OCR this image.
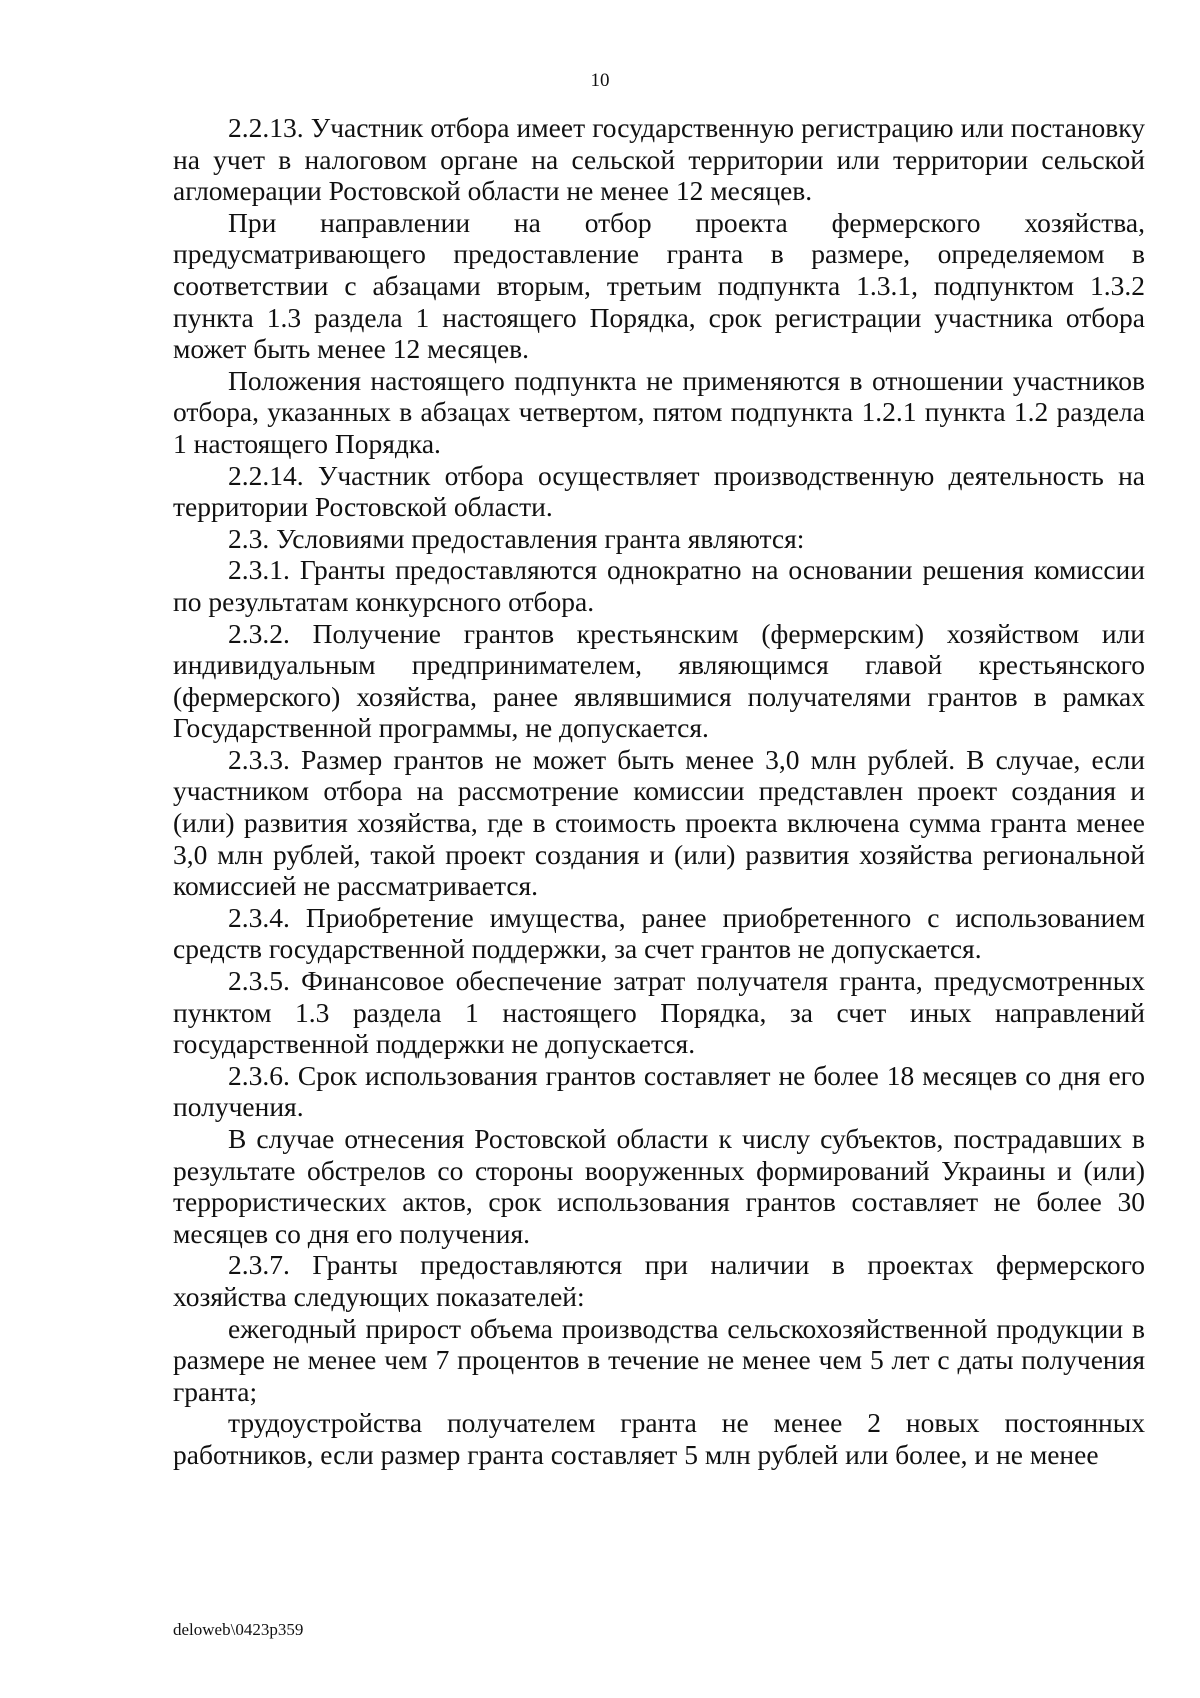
10

2.2.13. Участник отбора имеет государственную регистрацию или постановку на учет в налоговом органе на сельской территории или территории сельской агломерации Ростовской области не менее 12 месяцев.

При направлении на отбор проекта фермерского хозяйства, предусматривающего предоставление гранта в размере, определяемом в соответствии с абзацами вторым, третьим подпункта 1.3.1, подпунктом 1.3.2 пункта 1.3 раздела 1 настоящего Порядка, срок регистрации участника отбора может быть менее 12 месяцев.

Положения настоящего подпункта не применяются в отношении участников отбора, указанных в абзацах четвертом, пятом подпункта 1.2.1 пункта 1.2 раздела 1 настоящего Порядка.

2.2.14. Участник отбора осуществляет производственную деятельность на территории Ростовской области.

2.3. Условиями предоставления гранта являются:

2.3.1. Гранты предоставляются однократно на основании решения комиссии по результатам конкурсного отбора.

2.3.2. Получение грантов крестьянским (фермерским) хозяйством или индивидуальным предпринимателем, являющимся главой крестьянского (фермерского) хозяйства, ранее являвшимися получателями грантов в рамках Государственной программы, не допускается.

2.3.3. Размер грантов не может быть менее 3,0 млн рублей. В случае, если участником отбора на рассмотрение комиссии представлен проект создания и (или) развития хозяйства, где в стоимость проекта включена сумма гранта менее 3,0 млн рублей, такой проект создания и (или) развития хозяйства региональной комиссией не рассматривается.

2.3.4. Приобретение имущества, ранее приобретенного с использованием средств государственной поддержки, за счет грантов не допускается.

2.3.5. Финансовое обеспечение затрат получателя гранта, предусмотренных пунктом 1.3 раздела 1 настоящего Порядка, за счет иных направлений государственной поддержки не допускается.

2.3.6. Срок использования грантов составляет не более 18 месяцев со дня его получения.

В случае отнесения Ростовской области к числу субъектов, пострадавших в результате обстрелов со стороны вооруженных формирований Украины и (или) террористических актов, срок использования грантов составляет не более 30 месяцев со дня его получения.

2.3.7. Гранты предоставляются при наличии в проектах фермерского хозяйства следующих показателей:

ежегодный прирост объема производства сельскохозяйственной продукции в размере не менее чем 7 процентов в течение не менее чем 5 лет с даты получения гранта;

трудоустройства получателем гранта не менее 2 новых постоянных работников, если размер гранта составляет 5 млн рублей или более, и не менее

deloweb\0423p359
